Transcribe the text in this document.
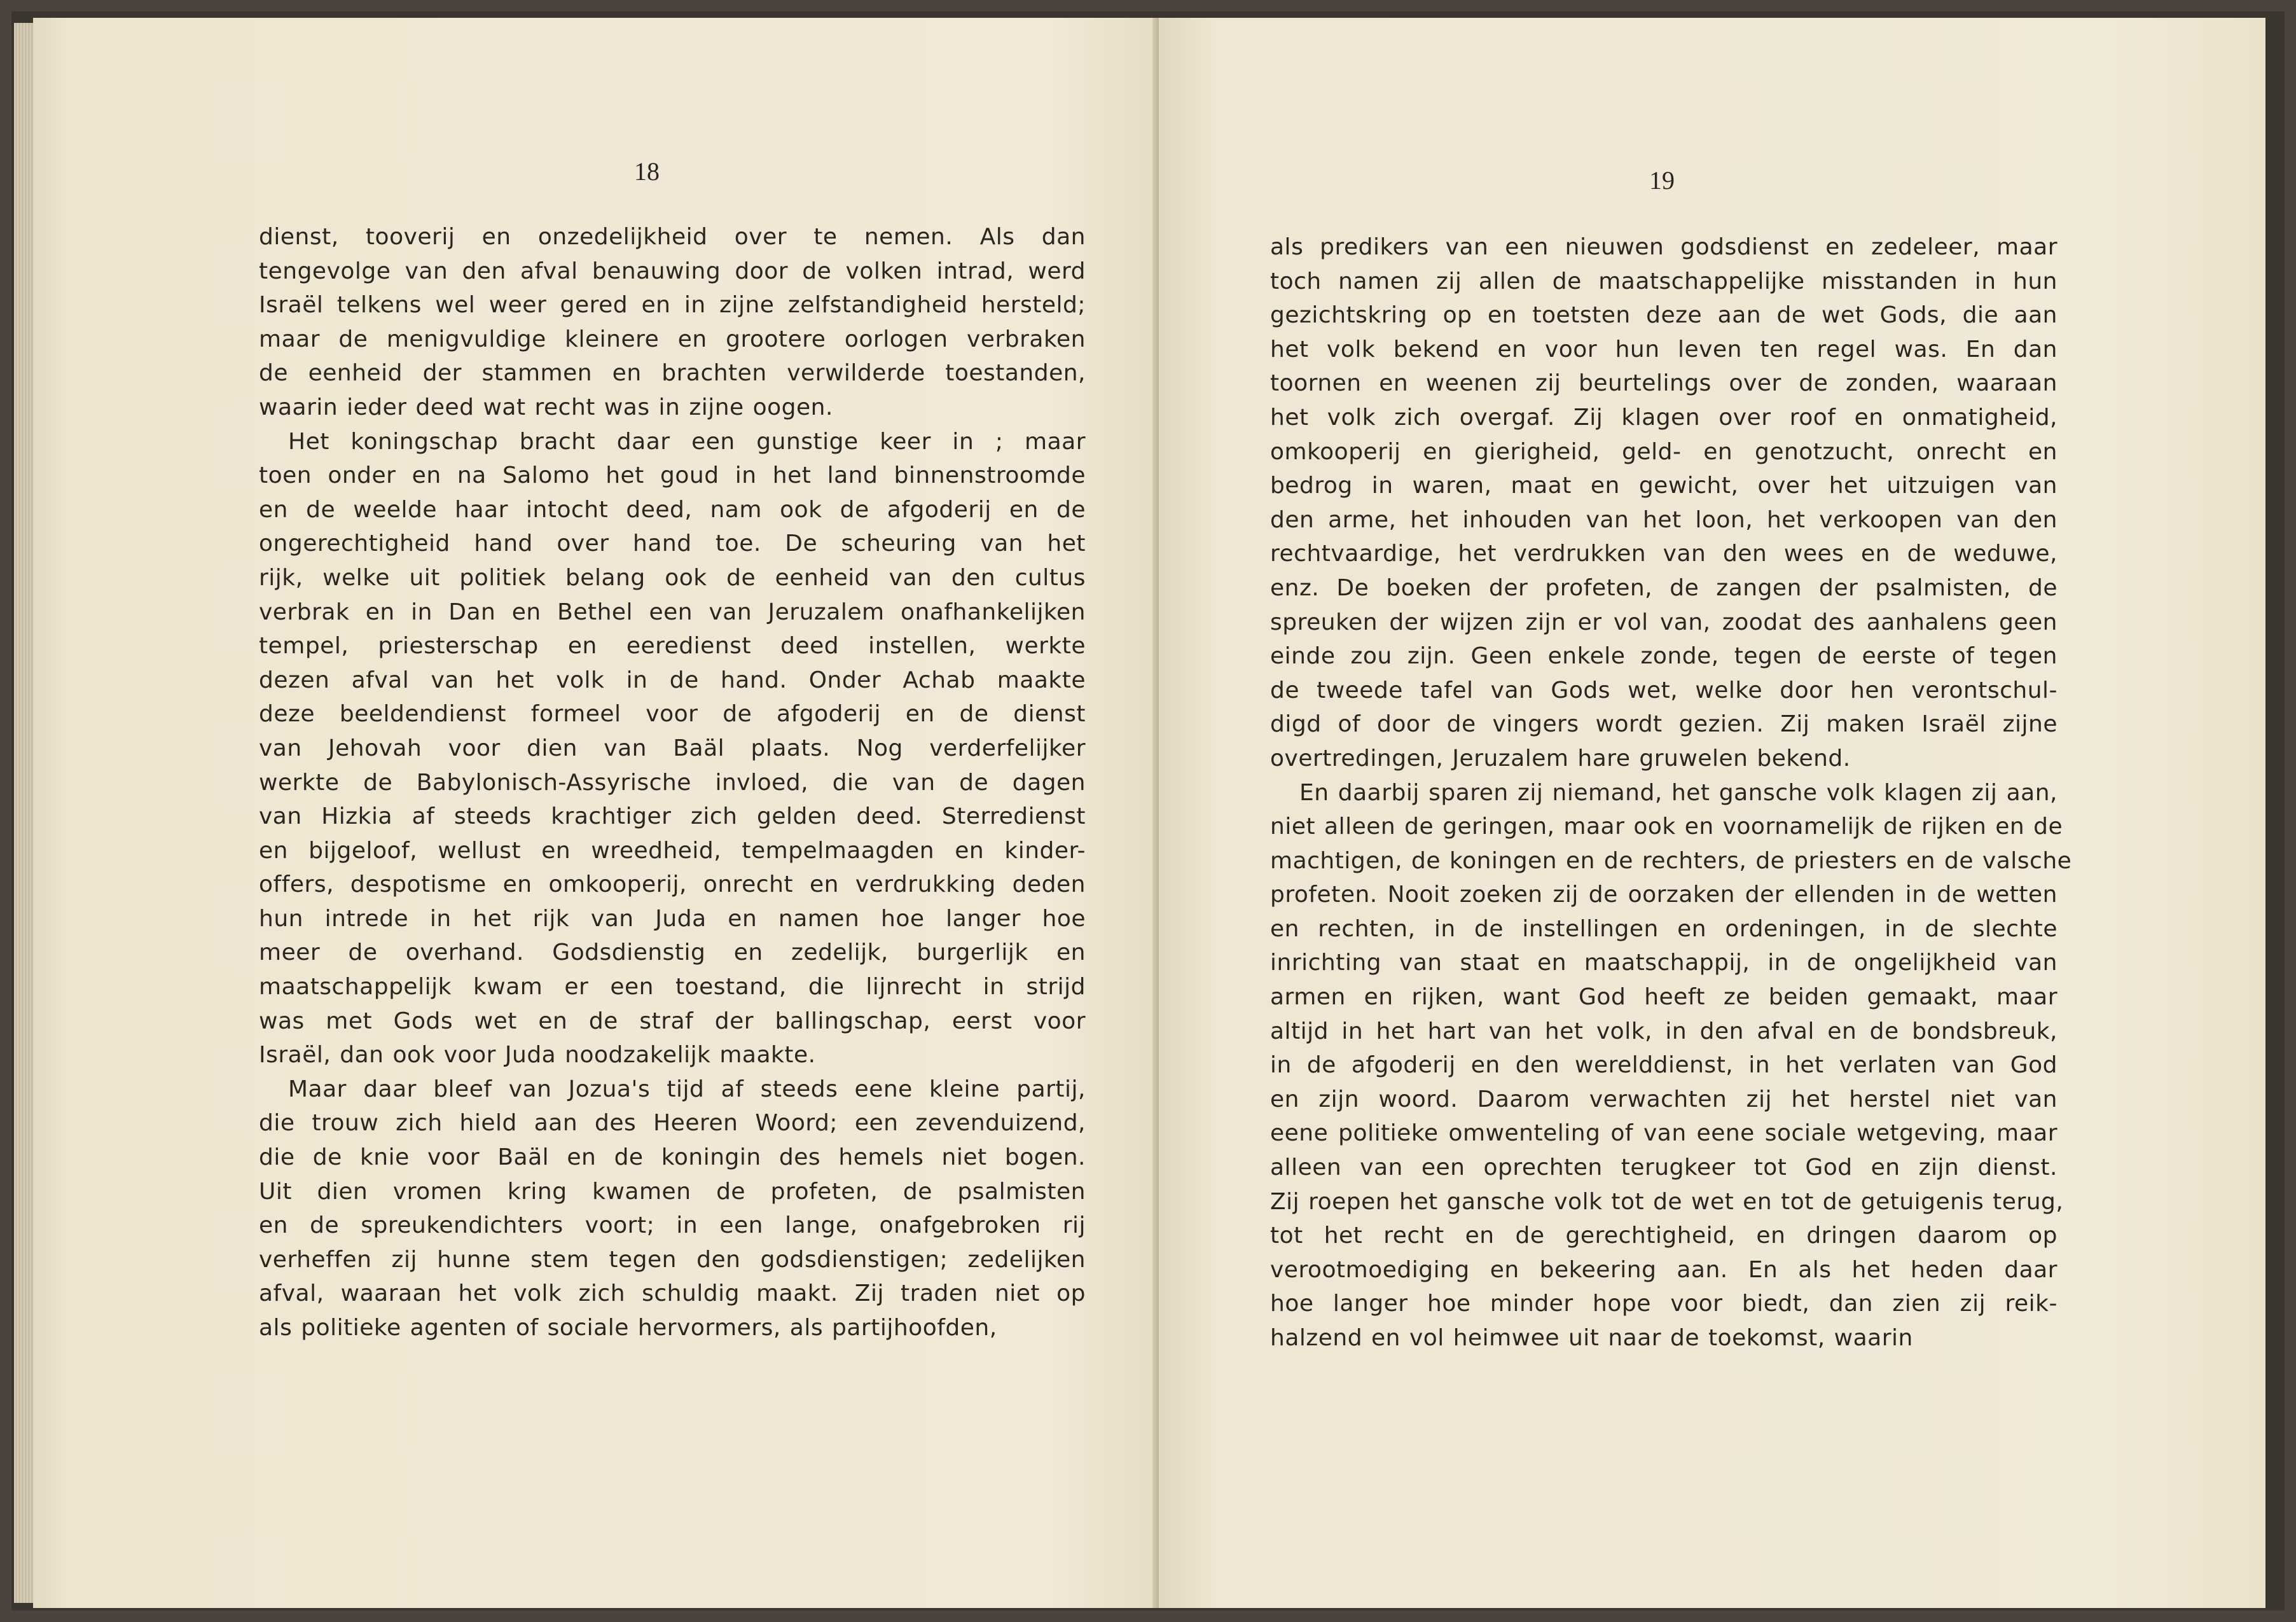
18
dienst, tooverij en onzedelijkheid over te nemen. Als dan
tengevolge van den afval benauwing door de volken intrad, werd
Israël telkens wel weer gered en in zijne zelfstandigheid hersteld;
maar de menigvuldige kleinere en grootere oorlogen verbraken
de eenheid der stammen en brachten verwilderde toestanden,
waarin ieder deed wat recht was in zijne oogen.
Het koningschap bracht daar een gunstige keer in ; maar
toen onder en na Salomo het goud in het land binnenstroomde
en de weelde haar intocht deed, nam ook de afgoderij en de
ongerechtigheid hand over hand toe. De scheuring van het
rijk, welke uit politiek belang ook de eenheid van den cultus
verbrak en in Dan en Bethel een van Jeruzalem onafhankelijken
tempel, priesterschap en eeredienst deed instellen, werkte
dezen afval van het volk in de hand. Onder Achab maakte
deze beeldendienst formeel voor de afgoderij en de dienst
van Jehovah voor dien van Baäl plaats. Nog verderfelijker
werkte de Babylonisch-Assyrische invloed, die van de dagen
van Hizkia af steeds krachtiger zich gelden deed. Sterredienst
en bijgeloof, wellust en wreedheid, tempelmaagden en kinder-
offers, despotisme en omkooperij, onrecht en verdrukking deden
hun intrede in het rijk van Juda en namen hoe langer hoe
meer de overhand. Godsdienstig en zedelijk, burgerlijk en
maatschappelijk kwam er een toestand, die lijnrecht in strijd
was met Gods wet en de straf der ballingschap, eerst voor
Israël, dan ook voor Juda noodzakelijk maakte.
Maar daar bleef van Jozua's tijd af steeds eene kleine partij,
die trouw zich hield aan des Heeren Woord; een zevenduizend,
die de knie voor Baäl en de koningin des hemels niet bogen.
Uit dien vromen kring kwamen de profeten, de psalmisten
en de spreukendichters voort; in een lange, onafgebroken rij
verheffen zij hunne stem tegen den godsdienstigen; zedelijken
afval, waaraan het volk zich schuldig maakt. Zij traden niet op
als politieke agenten of sociale hervormers, als partijhoofden,
19
als predikers van een nieuwen godsdienst en zedeleer, maar
toch namen zij allen de maatschappelijke misstanden in hun
gezichtskring op en toetsten deze aan de wet Gods, die aan
het volk bekend en voor hun leven ten regel was. En dan
toornen en weenen zij beurtelings over de zonden, waaraan
het volk zich overgaf. Zij klagen over roof en onmatigheid,
omkooperij en gierigheid, geld- en genotzucht, onrecht en
bedrog in waren, maat en gewicht, over het uitzuigen van
den arme, het inhouden van het loon, het verkoopen van den
rechtvaardige, het verdrukken van den wees en de weduwe,
enz. De boeken der profeten, de zangen der psalmisten, de
spreuken der wijzen zijn er vol van, zoodat des aanhalens geen
einde zou zijn. Geen enkele zonde, tegen de eerste of tegen
de tweede tafel van Gods wet, welke door hen verontschul-
digd of door de vingers wordt gezien. Zij maken Israël zijne
overtredingen, Jeruzalem hare gruwelen bekend.
En daarbij sparen zij niemand, het gansche volk klagen zij aan,
niet alleen de geringen, maar ook en voornamelijk de rijken en de
machtigen, de koningen en de rechters, de priesters en de valsche
profeten. Nooit zoeken zij de oorzaken der ellenden in de wetten
en rechten, in de instellingen en ordeningen, in de slechte
inrichting van staat en maatschappij, in de ongelijkheid van
armen en rijken, want God heeft ze beiden gemaakt, maar
altijd in het hart van het volk, in den afval en de bondsbreuk,
in de afgoderij en den werelddienst, in het verlaten van God
en zijn woord. Daarom verwachten zij het herstel niet van
eene politieke omwenteling of van eene sociale wetgeving, maar
alleen van een oprechten terugkeer tot God en zijn dienst.
Zij roepen het gansche volk tot de wet en tot de getuigenis terug,
tot het recht en de gerechtigheid, en dringen daarom op
verootmoediging en bekeering aan. En als het heden daar
hoe langer hoe minder hope voor biedt, dan zien zij reik-
halzend en vol heimwee uit naar de toekomst, waarin
